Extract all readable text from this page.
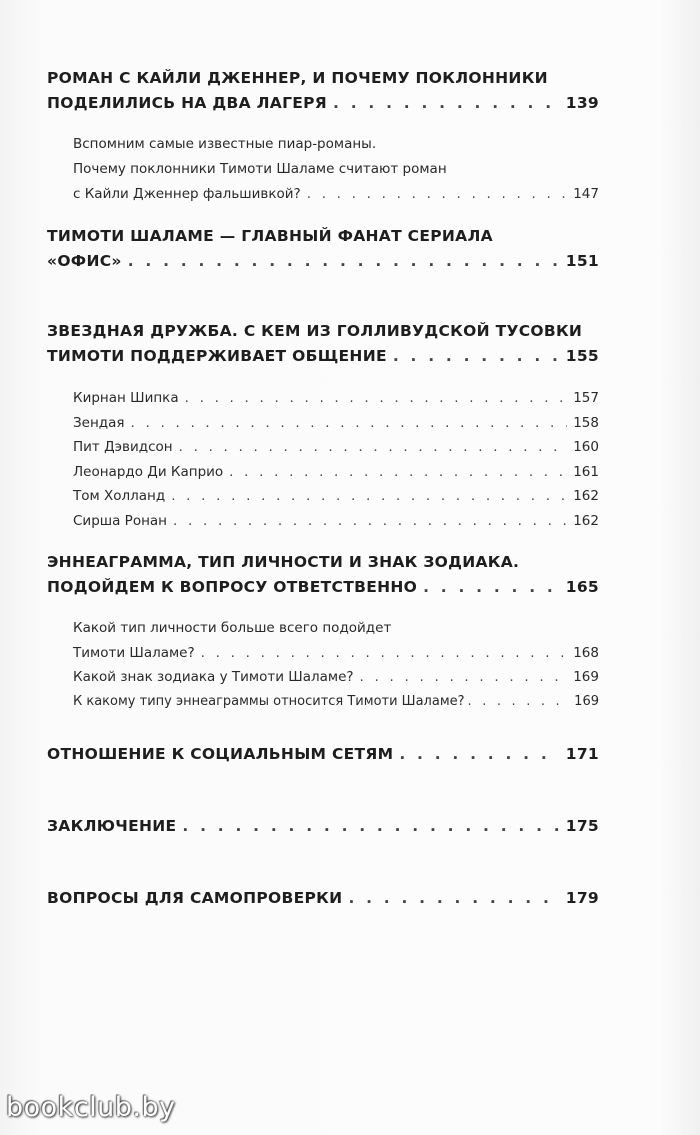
РОМАН С КАЙЛИ ДЖЕННЕР, И ПОЧЕМУ ПОКЛОННИКИ
ПОДЕЛИЛИСЬ НА ДВА ЛАГЕРЯ . . .	139
Вспомним самые известные пиар-романы.
Почему поклонники Тимоти Шаламе считают роман
с Кайли Дженнер фальшивкой? . . .	147
ТИМОТИ ШАЛАМЕ — ГЛАВНЫЙ ФАНАТ СЕРИАЛА
«ОФИС» . . .	151
ЗВЕЗДНАЯ ДРУЖБА. С КЕМ ИЗ ГОЛЛИВУДСКОЙ ТУСОВКИ
ТИМОТИ ПОДДЕРЖИВАЕТ ОБЩЕНИЕ . . .	155
Кирнан Шипка . . .	157
Зендая . . .	158
Пит Дэвидсон . . .	160
Леонардо Ди Каприо . . .	161
Том Холланд . . .	162
Сирша Ронан . . .	162
ЭННЕАГРАММА, ТИП ЛИЧНОСТИ И ЗНАК ЗОДИАКА.
ПОДОЙДЕМ К ВОПРОСУ ОТВЕТСТВЕННО . . .	165
Какой тип личности больше всего подойдет
Тимоти Шаламе? . . .	168
Какой знак зодиака у Тимоти Шаламе? . . .	169
К какому типу эннеаграммы относится Тимоти Шаламе? . . .	169
ОТНОШЕНИЕ К СОЦИАЛЬНЫМ СЕТЯМ . . .	171
ЗАКЛЮЧЕНИЕ . . .	175
ВОПРОСЫ ДЛЯ САМОПРОВЕРКИ . . .	179
bookclub.by
